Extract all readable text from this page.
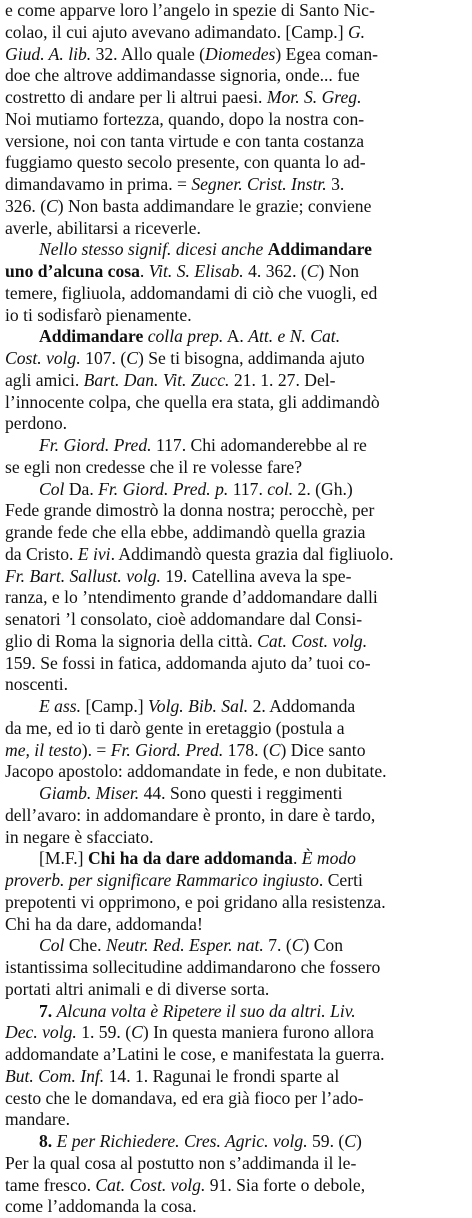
e come apparve loro l’angelo in spezie di Santo Nic-
colao, il cui ajuto avevano adimandato. [Camp.] G.
Giud. A. lib. 32. Allo quale (Diomedes) Egea coman-
doe che altrove addimandasse signoria, onde... fue
costretto di andare per li altrui paesi. Mor. S. Greg.
Noi mutiamo fortezza, quando, dopo la nostra con-
versione, noi con tanta virtude e con tanta costanza
fuggiamo questo secolo presente, con quanta lo ad-
dimandavamo in prima. = Segner. Crist. Instr. 3.
326. (C) Non basta addimandare le grazie; conviene
averle, abilitarsi a riceverle.
Nello stesso signif. dicesi anche Addimandare
uno d’alcuna cosa. Vit. S. Elisab. 4. 362. (C) Non
temere, figliuola, addomandami di ciò che vuogli, ed
io ti sodisfarò pienamente.
Addimandare colla prep. A. Att. e N. Cat.
Cost. volg. 107. (C) Se ti bisogna, addimanda ajuto
agli amici. Bart. Dan. Vit. Zucc. 21. 1. 27. Del-
l’innocente colpa, che quella era stata, gli addimandò
perdono.
Fr. Giord. Pred. 117. Chi adomanderebbe al re
se egli non credesse che il re volesse fare?
Col Da. Fr. Giord. Pred. p. 117. col. 2. (Gh.)
Fede grande dimostrò la donna nostra; perocchè, per
grande fede che ella ebbe, addimandò quella grazia
da Cristo. E ivi. Addimandò questa grazia dal figliuolo.
Fr. Bart. Sallust. volg. 19. Catellina aveva la spe-
ranza, e lo ’ntendimento grande d’addomandare dalli
senatori ’l consolato, cioè addomandare dal Consi-
glio di Roma la signoria della città. Cat. Cost. volg.
159. Se fossi in fatica, addomanda ajuto da’ tuoi co-
noscenti.
E ass. [Camp.] Volg. Bib. Sal. 2. Addomanda
da me, ed io ti darò gente in eretaggio (postula a
me, il testo). = Fr. Giord. Pred. 178. (C) Dice santo
Jacopo apostolo: addomandate in fede, e non dubitate.
Giamb. Miser. 44. Sono questi i reggimenti
dell’avaro: in addomandare è pronto, in dare è tardo,
in negare è sfacciato.
[M.F.] Chi ha da dare addomanda. È modo
proverb. per significare Rammarico ingiusto. Certi
prepotenti vi opprimono, e poi gridano alla resistenza.
Chi ha da dare, addomanda!
Col Che. Neutr. Red. Esper. nat. 7. (C) Con
istantissima sollecitudine addimandarono che fossero
portati altri animali e di diverse sorta.
7. Alcuna volta è Ripetere il suo da altri. Liv.
Dec. volg. 1. 59. (C) In questa maniera furono allora
addomandate a’Latini le cose, e manifestata la guerra.
But. Com. Inf. 14. 1. Ragunai le frondi sparte al
cesto che le domandava, ed era già fioco per l’ado-
mandare.
8. E per Richiedere. Cres. Agric. volg. 59. (C)
Per la qual cosa al postutto non s’addimanda il le-
tame fresco. Cat. Cost. volg. 91. Sia forte o debole,
come l’addomanda la cosa.
